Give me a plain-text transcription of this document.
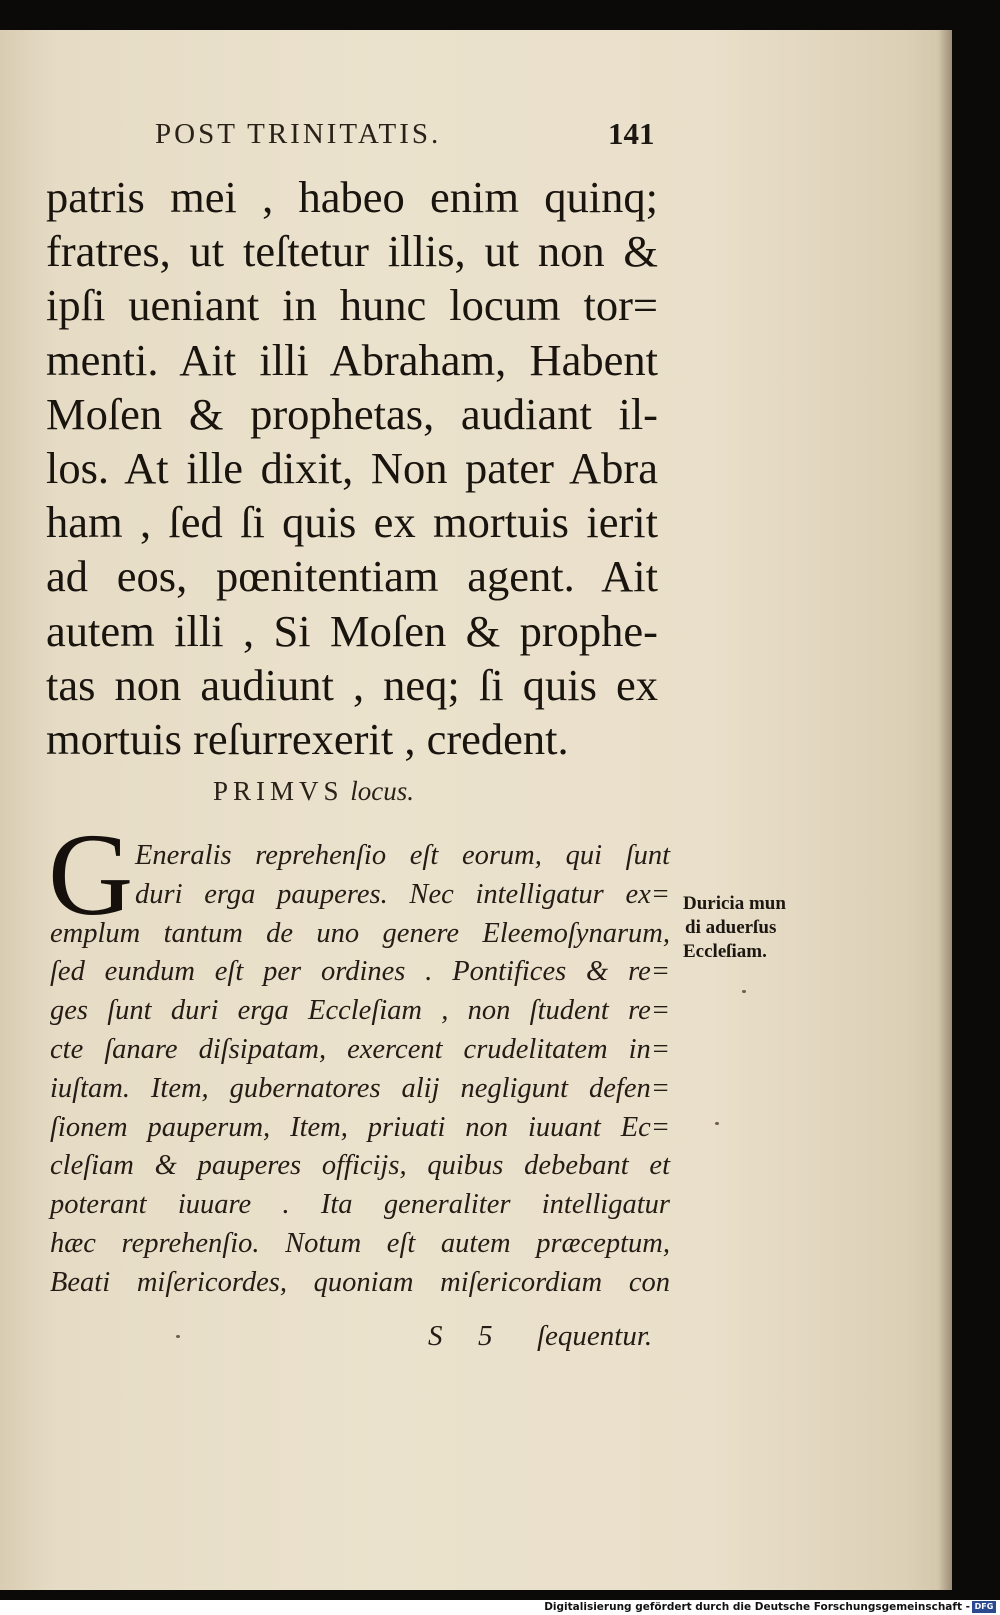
POST TRINITATIS.	141
patris mei , habeo enim quinq;
fratres, ut teſtetur illis, ut non &
ipſi ueniant in hunc locum tor=
menti. Ait illi Abraham, Habent
Moſen & prophetas, audiant il-
los. At ille dixit, Non pater Abra
ham , ſed ſi quis ex mortuis ierit
ad eos, pœnitentiam agent. Ait
autem illi , Si Moſen & prophe-
tas non audiunt , neq; ſi quis ex
mortuis reſurrexerit , credent.
PRIMVS locus.
G Eneralis reprehenſio eſt eorum, qui ſunt
duri erga pauperes. Nec intelligatur ex=
emplum tantum de uno genere Eleemoſynarum,
ſed eundum eſt per ordines . Pontifices & re=
ges ſunt duri erga Eccleſiam , non ſtudent re=
cte ſanare diſsipatam, exercent crudelitatem in=
iuſtam. Item, gubernatores alij negligunt defen=
ſionem pauperum, Item, priuati non iuuant Ec=
cleſiam & pauperes officijs, quibus debebant et
poterant iuuare . Ita generaliter intelligatur
hæc reprehenſio. Notum eſt autem præceptum,
Beati miſericordes, quoniam miſericordiam con
S 5 ſequentur.
Duricia mun
di aduerſus
Eccleſiam.
Digitalisierung gefördert durch die Deutsche Forschungsgemeinschaft - DFG
